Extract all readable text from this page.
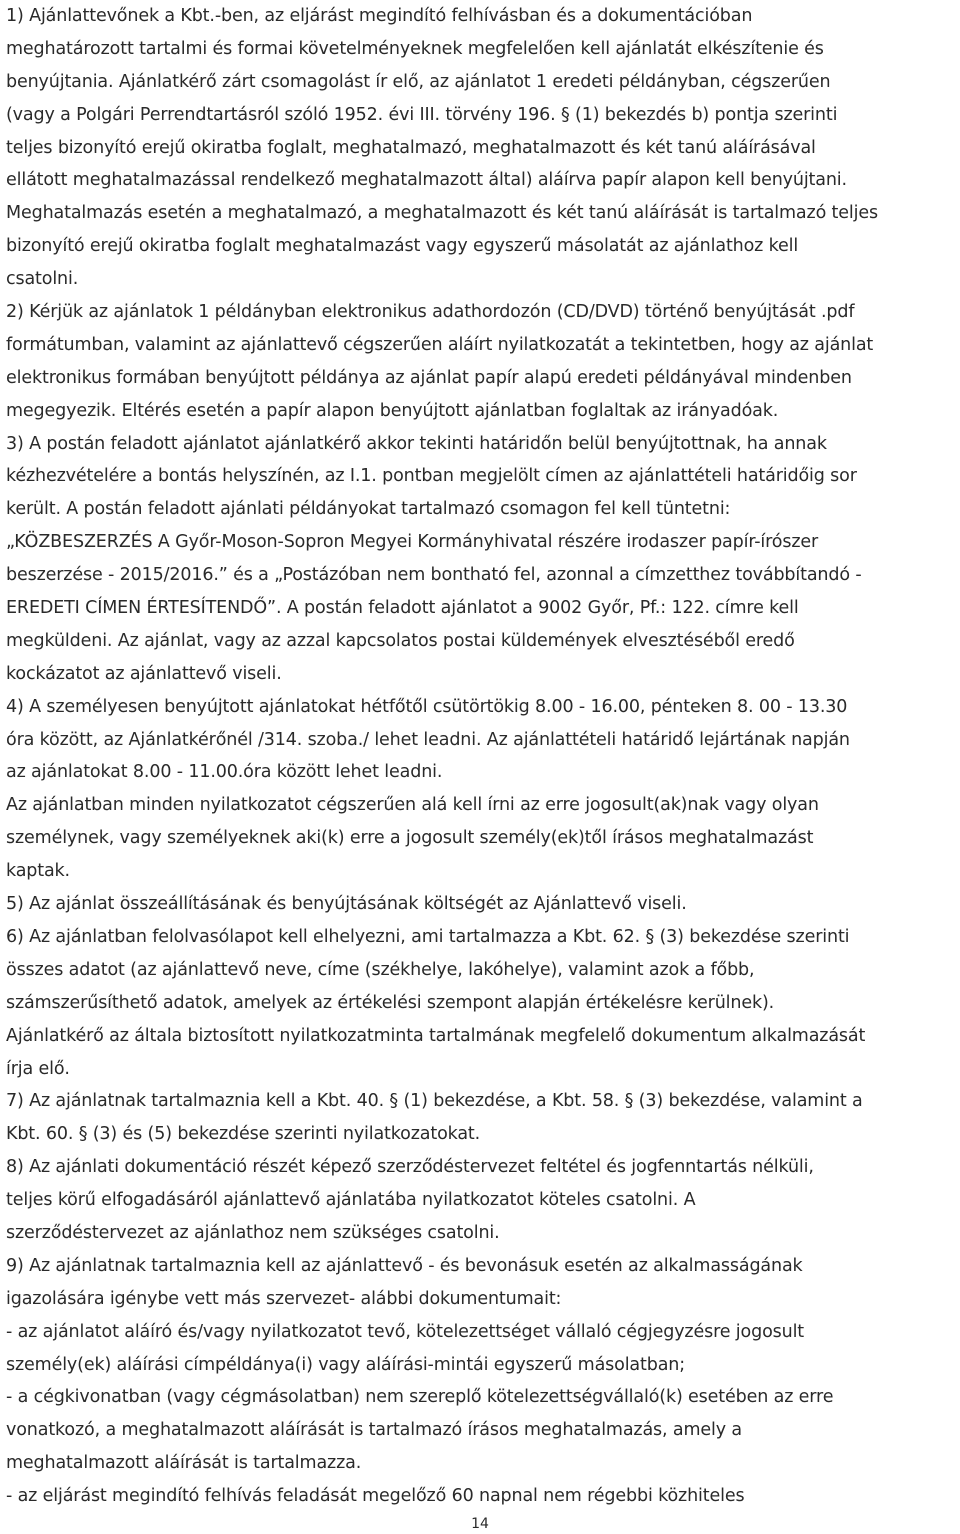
1) Ajánlattevőnek a Kbt.-ben, az eljárást megindító felhívásban és a dokumentációban
meghatározott tartalmi és formai követelményeknek megfelelően kell ajánlatát elkészítenie és
benyújtania. Ajánlatkérő zárt csomagolást ír elő, az ajánlatot 1 eredeti példányban, cégszerűen
(vagy a Polgári Perrendtartásról szóló 1952. évi III. törvény 196. § (1) bekezdés b) pontja szerinti
teljes bizonyító erejű okiratba foglalt, meghatalmazó, meghatalmazott és két tanú aláírásával
ellátott meghatalmazással rendelkező meghatalmazott által) aláírva papír alapon kell benyújtani.
Meghatalmazás esetén a meghatalmazó, a meghatalmazott és két tanú aláírását is tartalmazó teljes
bizonyító erejű okiratba foglalt meghatalmazást vagy egyszerű másolatát az ajánlathoz kell
csatolni.
2) Kérjük az ajánlatok 1 példányban elektronikus adathordozón (CD/DVD) történő benyújtását .pdf
formátumban, valamint az ajánlattevő cégszerűen aláírt nyilatkozatát a tekintetben, hogy az ajánlat
elektronikus formában benyújtott példánya az ajánlat papír alapú eredeti példányával mindenben
megegyezik. Eltérés esetén a papír alapon benyújtott ajánlatban foglaltak az irányadóak.
3) A postán feladott ajánlatot ajánlatkérő akkor tekinti határidőn belül benyújtottnak, ha annak
kézhezvételére a bontás helyszínén, az I.1. pontban megjelölt címen az ajánlattételi határidőig sor
került. A postán feladott ajánlati példányokat tartalmazó csomagon fel kell tüntetni:
„KÖZBESZERZÉS A Győr-Moson-Sopron Megyei Kormányhivatal részére irodaszer papír-írószer
beszerzése - 2015/2016.” és a „Postázóban nem bontható fel, azonnal a címzetthez továbbítandó -
EREDETI CÍMEN ÉRTESÍTENDŐ”. A postán feladott ajánlatot a 9002 Győr, Pf.: 122. címre kell
megküldeni. Az ajánlat, vagy az azzal kapcsolatos postai küldemények elvesztéséből eredő
kockázatot az ajánlattevő viseli.
4) A személyesen benyújtott ajánlatokat hétfőtől csütörtökig 8.00 - 16.00, pénteken 8. 00 - 13.30
óra között, az Ajánlatkérőnél /314. szoba./ lehet leadni. Az ajánlattételi határidő lejártának napján
az ajánlatokat 8.00 - 11.00.óra között lehet leadni.
Az ajánlatban minden nyilatkozatot cégszerűen alá kell írni az erre jogosult(ak)nak vagy olyan
személynek, vagy személyeknek aki(k) erre a jogosult személy(ek)től írásos meghatalmazást
kaptak.
5) Az ajánlat összeállításának és benyújtásának költségét az Ajánlattevő viseli.
6) Az ajánlatban felolvasólapot kell elhelyezni, ami tartalmazza a Kbt. 62. § (3) bekezdése szerinti
összes adatot (az ajánlattevő neve, címe (székhelye, lakóhelye), valamint azok a főbb,
számszerűsíthető adatok, amelyek az értékelési szempont alapján értékelésre kerülnek).
Ajánlatkérő az általa biztosított nyilatkozatminta tartalmának megfelelő dokumentum alkalmazását
írja elő.
7) Az ajánlatnak tartalmaznia kell a Kbt. 40. § (1) bekezdése, a Kbt. 58. § (3) bekezdése, valamint a
Kbt. 60. § (3) és (5) bekezdése szerinti nyilatkozatokat.
8) Az ajánlati dokumentáció részét képező szerződéstervezet feltétel és jogfenntartás nélküli,
teljes körű elfogadásáról ajánlattevő ajánlatába nyilatkozatot köteles csatolni. A
szerződéstervezet az ajánlathoz nem szükséges csatolni.
9) Az ajánlatnak tartalmaznia kell az ajánlattevő - és bevonásuk esetén az alkalmasságának
igazolására igénybe vett más szervezet- alábbi dokumentumait:
- az ajánlatot aláíró és/vagy nyilatkozatot tevő, kötelezettséget vállaló cégjegyzésre jogosult
személy(ek) aláírási címpéldánya(i) vagy aláírási-mintái egyszerű másolatban;
- a cégkivonatban (vagy cégmásolatban) nem szereplő kötelezettségvállaló(k) esetében az erre
vonatkozó, a meghatalmazott aláírását is tartalmazó írásos meghatalmazás, amely a
meghatalmazott aláírását is tartalmazza.
- az eljárást megindító felhívás feladását megelőző 60 napnal nem régebbi közhiteles
14
